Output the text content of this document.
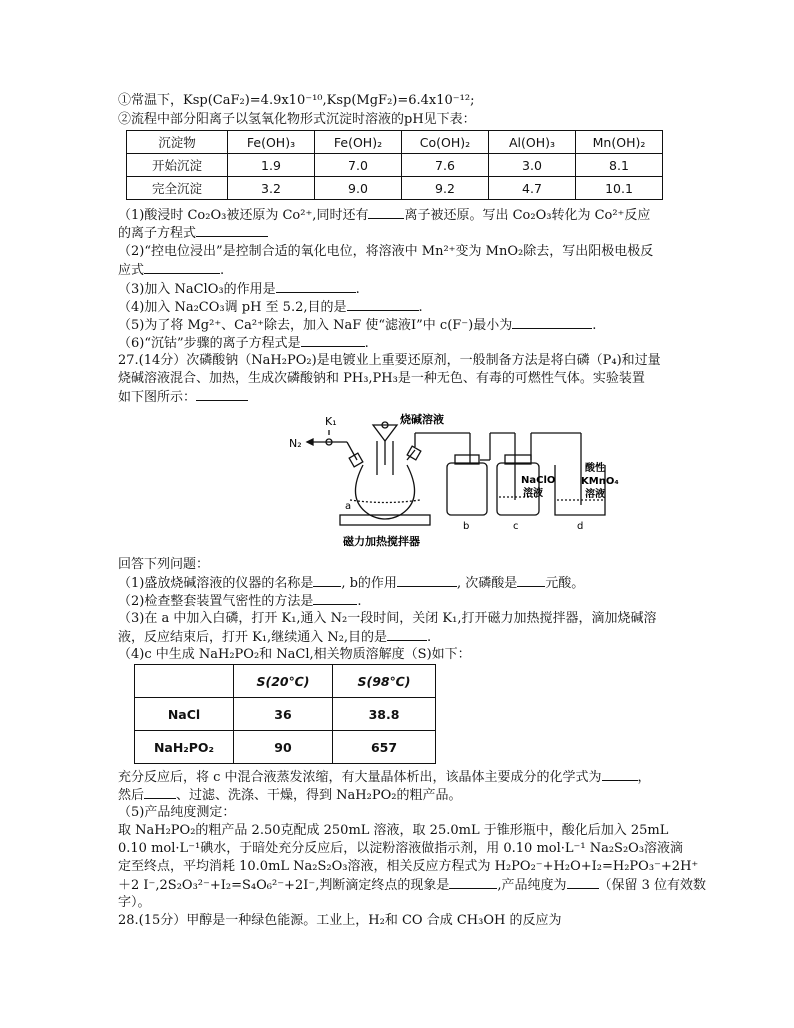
①常温下，Ksp(CaF₂)=4.9x10⁻¹⁰,Ksp(MgF₂)=6.4x10⁻¹²;
②流程中部分阳离子以氢氧化物形式沉淀时溶液的pH见下表：
沉淀物	Fe(OH)₃	Fe(OH)₂	Co(OH)₂	Al(OH)₃	Mn(OH)₂
开始沉淀	1.9	7.0	7.6	3.0	8.1
完全沉淀	3.2	9.0	9.2	4.7	10.1
（1)酸浸时 Co₂O₃被还原为 Co²⁺,同时还有	离子被还原。写出 Co₂O₃转化为 Co²⁺反应
的离子方程式
（2)“控电位浸出”是控制合适的氧化电位，将溶液中 Mn²⁺变为 MnO₂除去，写出阳极电极反
应式	.
（3)加入 NaClO₃的作用是	.
（4)加入 Na₂CO₃调 pH 至 5.2,目的是	.
（5)为了将 Mg²⁺、Ca²⁺除去，加入 NaF 使“滤液Ⅰ”中 c(F⁻)最小为	.
（6)“沉钴”步骤的离子方程式是	.
27.(14分）次磷酸钠（NaH₂PO₂)是电镀业上重要还原剂，一般制备方法是将白磷（P₄)和过量
烧碱溶液混合、加热，生成次磷酸钠和 PH₃,PH₃是一种无色、有毒的可燃性气体。实验装置
如下图所示：
烧碱溶液
K₁
N₂
a
b	c	d
NaClO
溶液
酸性
KMnO₄
溶液
磁力加热搅拌器
回答下列问题：
（1)盛放烧碱溶液的仪器的名称是 , b的作用	, 次磷酸是 元酸。
（2)检查整套装置气密性的方法是	.
（3)在 a 中加入白磷，打开 K₁,通入 N₂一段时间，关闭 K₁,打开磁力加热搅拌器，滴加烧碱溶
液，反应结束后，打开 K₁,继续通入 N₂,目的是	.
（4)c 中生成 NaH₂PO₂和 NaCl,相关物质溶解度（S)如下：
	S(20℃)	S(98℃)
NaCl	36	38.8
NaH₂PO₂	90	657
充分反应后，将 c 中混合液蒸发浓缩，有大量晶体析出，该晶体主要成分的化学式为	，
然后 、过滤、洗涤、干燥，得到 NaH₂PO₂的粗产品。
（5)产品纯度测定：
取 NaH₂PO₂的粗产品 2.50克配成 250mL 溶液，取 25.0mL 于锥形瓶中，酸化后加入 25mL
0.10 mol·L⁻¹碘水，于暗处充分反应后，以淀粉溶液做指示剂，用 0.10 mol·L⁻¹ Na₂S₂O₃溶液滴
定至终点，平均消耗 10.0mL Na₂S₂O₃溶液，相关反应方程式为 H₂PO₂⁻+H₂O+I₂=H₂PO₃⁻+2H⁺
＋2 I⁻,2S₂O₃²⁻+I₂=S₄O₆²⁻+2I⁻,判断滴定终点的现象是	,产品纯度为 （保留 3 位有效数
字）。
28.(15分）甲醇是一种绿色能源。工业上，H₂和 CO 合成 CH₃OH 的反应为
